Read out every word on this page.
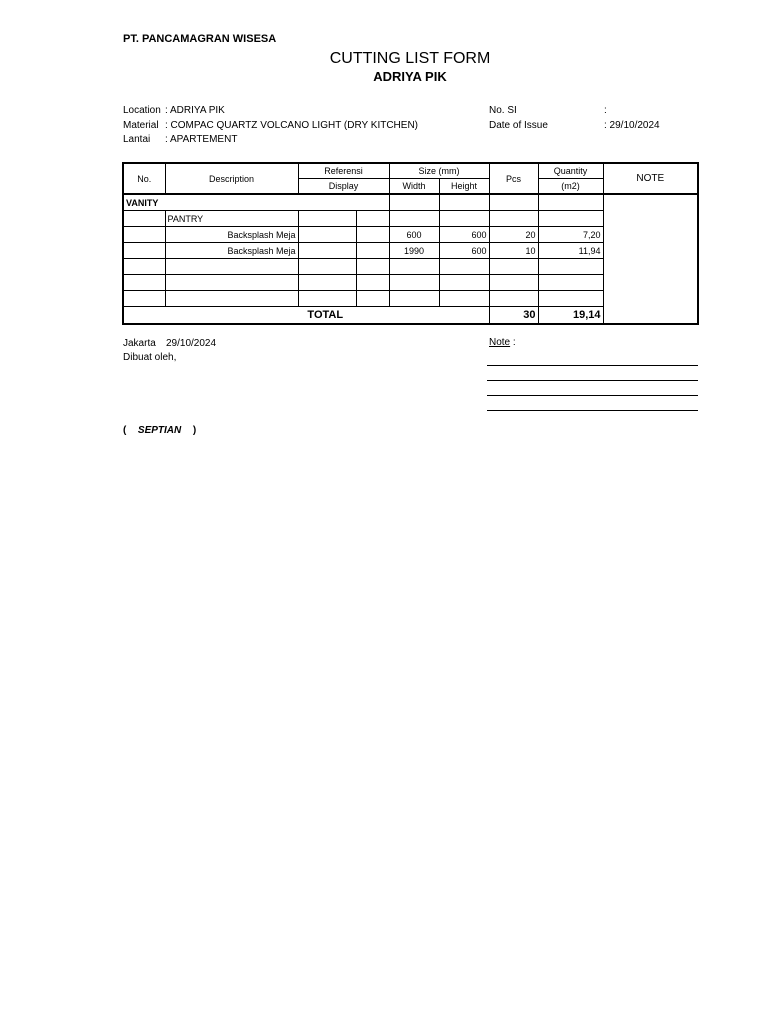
PT. PANCAMAGRAN WISESA
CUTTING LIST FORM
ADRIYA PIK
Location : ADRIYA PIK
Material : COMPAC QUARTZ VOLCANO LIGHT (DRY KITCHEN)
Lantai : APARTEMENT
No. SI	:
Date of Issue	: 29/10/2024
No.	Description	Referensi		Size (mm)		Pcs	Quantity	NOTE
		Display		Width	Height		(m2)	
VANITY								
	PANTRY							
	Backsplash Meja			600	600	20	7,20	
	Backsplash Meja			1990	600	10	11,94	

TOTAL						30	19,14	
Jakarta 29/10/2024
Dibuat oleh,
Note :
( SEPTIAN )
